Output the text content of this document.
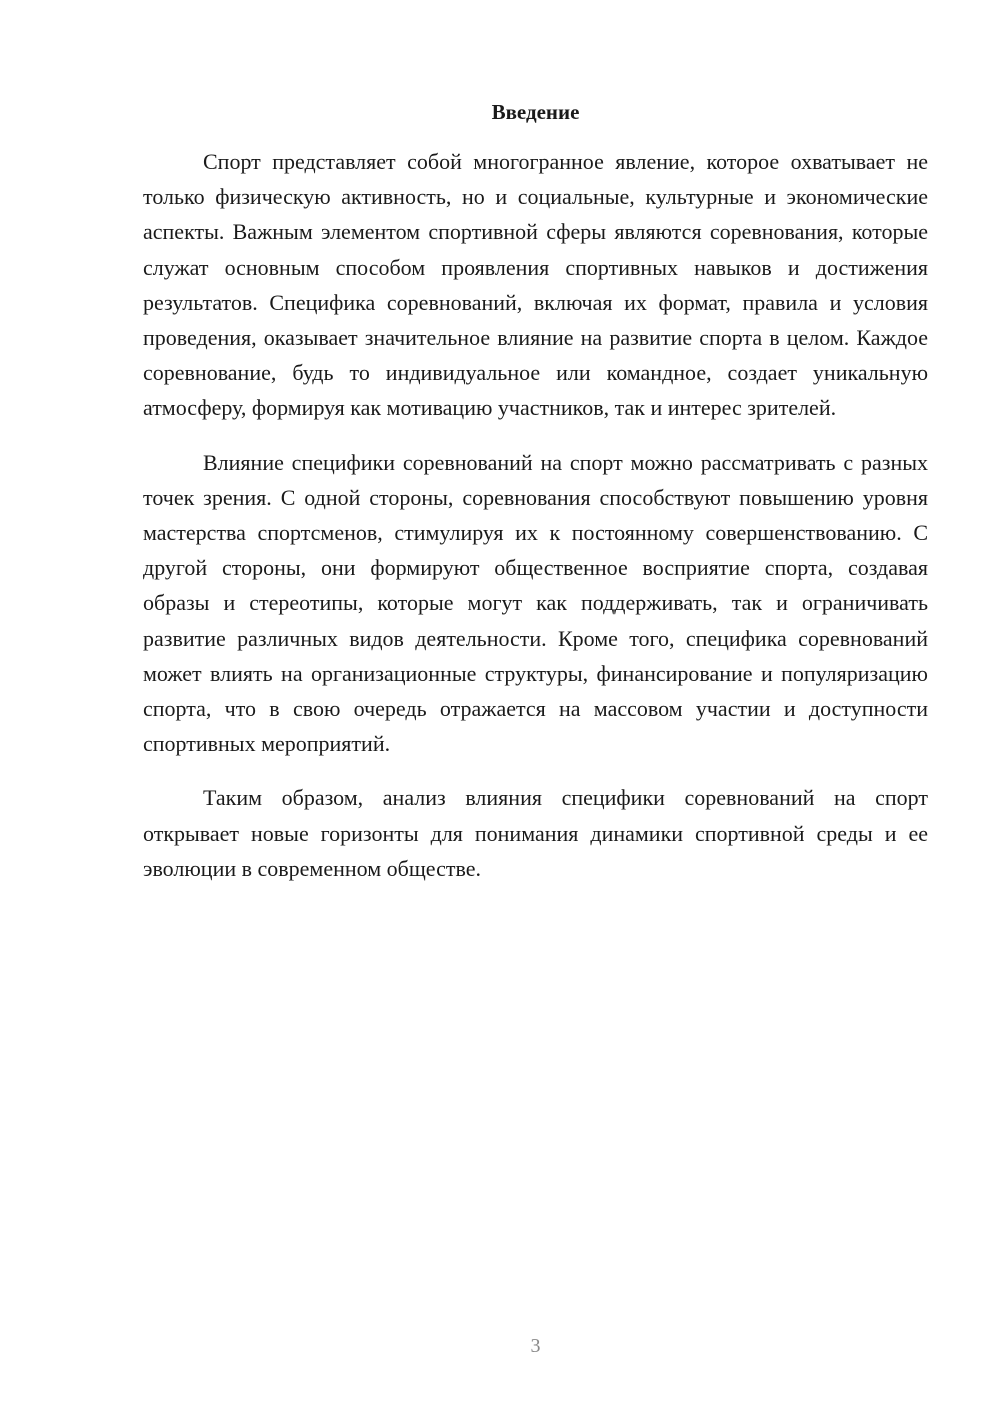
Введение

Спорт представляет собой многогранное явление, которое охватывает не только физическую активность, но и социальные, культурные и экономические аспекты. Важным элементом спортивной сферы являются соревнования, которые служат основным способом проявления спортивных навыков и достижения результатов. Специфика соревнований, включая их формат, правила и условия проведения, оказывает значительное влияние на развитие спорта в целом. Каждое соревнование, будь то индивидуальное или командное, создает уникальную атмосферу, формируя как мотивацию участников, так и интерес зрителей.

Влияние специфики соревнований на спорт можно рассматривать с разных точек зрения. С одной стороны, соревнования способствуют повышению уровня мастерства спортсменов, стимулируя их к постоянному совершенствованию. С другой стороны, они формируют общественное восприятие спорта, создавая образы и стереотипы, которые могут как поддерживать, так и ограничивать развитие различных видов деятельности. Кроме того, специфика соревнований может влиять на организационные структуры, финансирование и популяризацию спорта, что в свою очередь отражается на массовом участии и доступности спортивных мероприятий.

Таким образом, анализ влияния специфики соревнований на спорт открывает новые горизонты для понимания динамики спортивной среды и ее эволюции в современном обществе.

3
